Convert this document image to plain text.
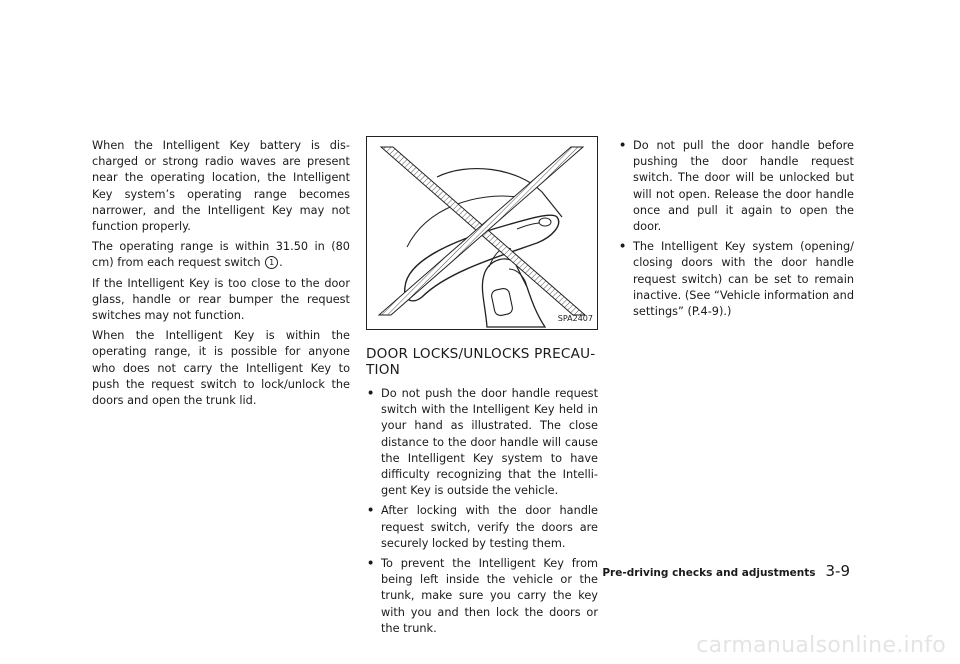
When the Intelligent Key battery is dis-charged or strong radio waves are present near the operating location, the Intelligent Key system’s operating range becomes narrower, and the Intelligent Key may not function properly.

The operating range is within 31.50 in (80 cm) from each request switch 1 .

If the Intelligent Key is too close to the door glass, handle or rear bumper the request switches may not function.

When the Intelligent Key is within the operating range, it is possible for anyone who does not carry the Intelligent Key to push the request switch to lock/unlock the doors and open the trunk lid.

SPA2407
DOOR LOCKS/UNLOCKS PRECAU-TION
• Do not push the door handle request switch with the Intelligent Key held in your hand as illustrated. The close distance to the door handle will cause the Intelligent Key system to have difficulty recognizing that the Intelli-gent Key is outside the vehicle.
• After locking with the door handle request switch, verify the doors are securely locked by testing them.
• To prevent the Intelligent Key from being left inside the vehicle or the trunk, make sure you carry the key with you and then lock the doors or the trunk.
• Do not pull the door handle before pushing the door handle request switch. The door will be unlocked but will not open. Release the door handle once and pull it again to open the door.
• The Intelligent Key system (opening/ closing doors with the door handle request switch) can be set to remain inactive. (See “Vehicle information and settings” (P.4-9).)
Pre-driving checks and adjustments 3-9
carmanualsonline.info
